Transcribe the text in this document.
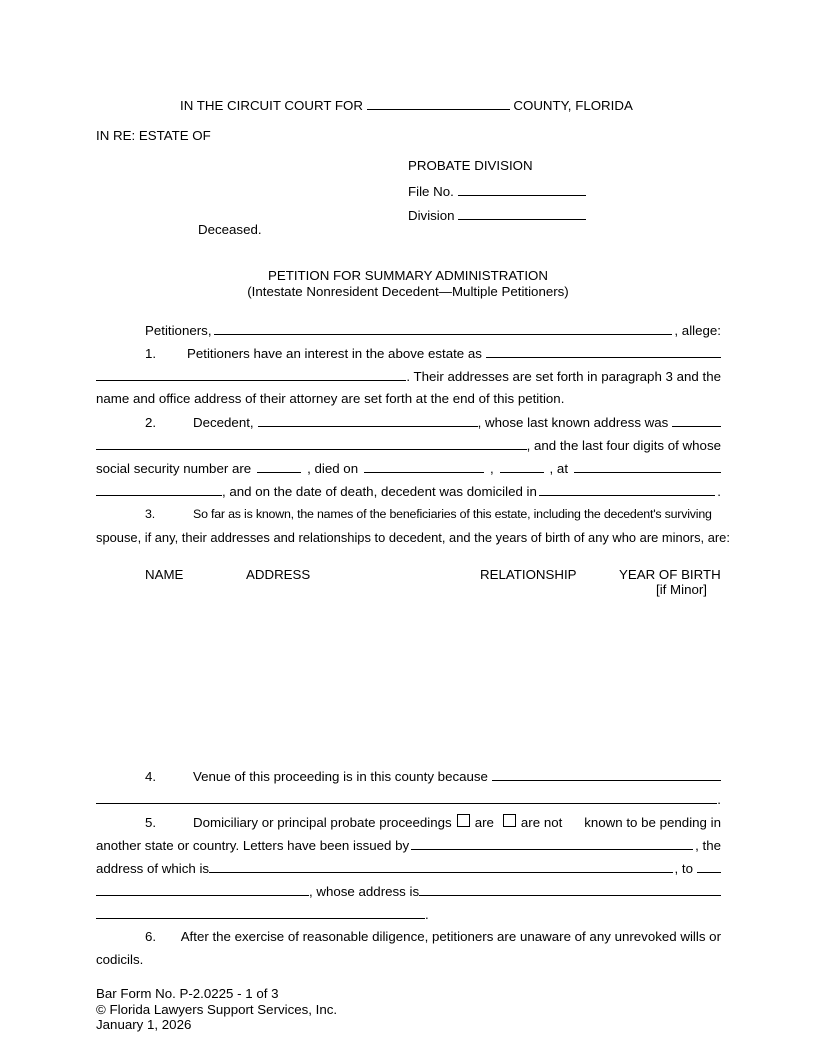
IN THE CIRCUIT COURT FOR	COUNTY, FLORIDA
IN RE: ESTATE OF
PROBATE DIVISION
File No.
Division
Deceased.
PETITION FOR SUMMARY ADMINISTRATION
(Intestate Nonresident Decedent—Multiple Petitioners)
Petitioners,	, allege:
1.	Petitioners have an interest in the above estate as
. Their addresses are set forth in paragraph 3 and the
name and office address of their attorney are set forth at the end of this petition.
2.	Decedent,	, whose last known address was
, and the last four digits of whose
social security number are	, died on	,	, at
, and on the date of death, decedent was domiciled in	.
3.	So far as is known, the names of the beneficiaries of this estate, including the decedent's surviving
spouse, if any, their addresses and relationships to decedent, and the years of birth of any who are minors, are:
NAME	ADDRESS	RELATIONSHIP	YEAR OF BIRTH
[if Minor]
4.	Venue of this proceeding is in this county because
.
5.	Domiciliary or principal probate proceedings are are not known to be pending in
another state or country. Letters have been issued by	, the
address of which is	, to
, whose address is
.
6.	After the exercise of reasonable diligence, petitioners are unaware of any unrevoked wills or
codicils.
Bar Form No. P-2.0225 - 1 of 3
© Florida Lawyers Support Services, Inc.
January 1, 2026
